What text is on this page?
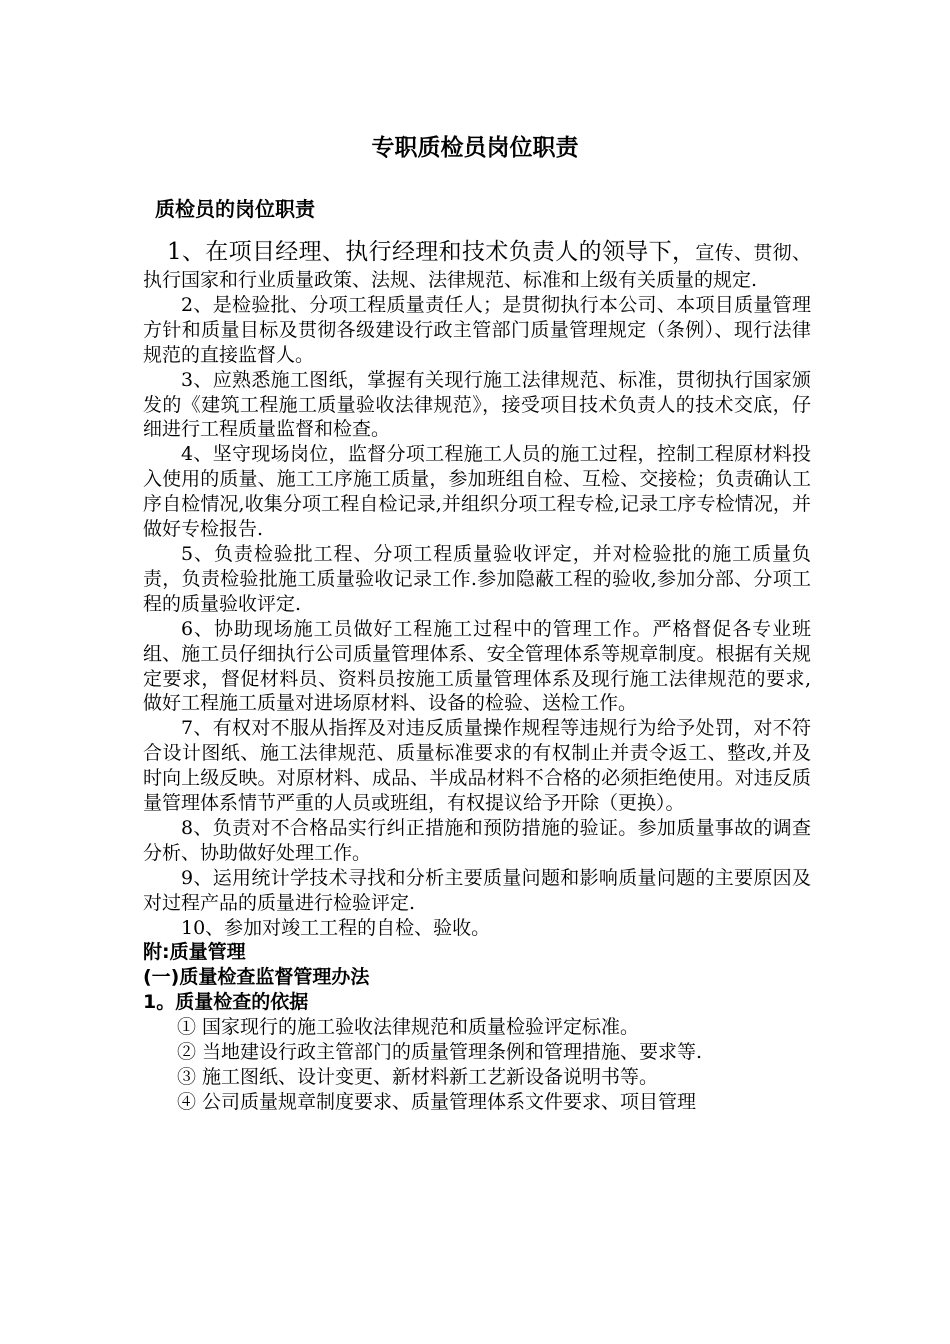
专职质检员岗位职责
质检员的岗位职责

1、在项目经理、执行经理和技术负责人的领导下，宣传、贯彻、执行国家和行业质量政策、法规、法律规范、标准和上级有关质量的规定.

2、是检验批、分项工程质量责任人；是贯彻执行本公司、本项目质量管理方针和质量目标及贯彻各级建设行政主管部门质量管理规定（条例）、现行法律规范的直接监督人。

3、应熟悉施工图纸，掌握有关现行施工法律规范、标准，贯彻执行国家颁发的《建筑工程施工质量验收法律规范》，接受项目技术负责人的技术交底，仔细进行工程质量监督和检查。

4、坚守现场岗位，监督分项工程施工人员的施工过程，控制工程原材料投入使用的质量、施工工序施工质量，参加班组自检、互检、交接检；负责确认工序自检情况,收集分项工程自检记录,并组织分项工程专检,记录工序专检情况，并做好专检报告.

5、负责检验批工程、分项工程质量验收评定，并对检验批的施工质量负责，负责检验批施工质量验收记录工作.参加隐蔽工程的验收,参加分部、分项工程的质量验收评定.

6、协助现场施工员做好工程施工过程中的管理工作。严格督促各专业班组、施工员仔细执行公司质量管理体系、安全管理体系等规章制度。根据有关规定要求，督促材料员、资料员按施工质量管理体系及现行施工法律规范的要求,做好工程施工质量对进场原材料、设备的检验、送检工作。

7、有权对不服从指挥及对违反质量操作规程等违规行为给予处罚，对不符合设计图纸、施工法律规范、质量标准要求的有权制止并责令返工、整改,并及时向上级反映。对原材料、成品、半成品材料不合格的必须拒绝使用。对违反质量管理体系情节严重的人员或班组，有权提议给予开除（更换）。

8、负责对不合格品实行纠正措施和预防措施的验证。参加质量事故的调查分析、协助做好处理工作。

9、运用统计学技术寻找和分析主要质量问题和影响质量问题的主要原因及对过程产品的质量进行检验评定.

10、参加对竣工工程的自检、验收。

附:质量管理

(一)质量检查监督管理办法

1。质量检查的依据

① 国家现行的施工验收法律规范和质量检验评定标准。

② 当地建设行政主管部门的质量管理条例和管理措施、要求等.

③ 施工图纸、设计变更、新材料新工艺新设备说明书等。

④ 公司质量规章制度要求、质量管理体系文件要求、项目管理
